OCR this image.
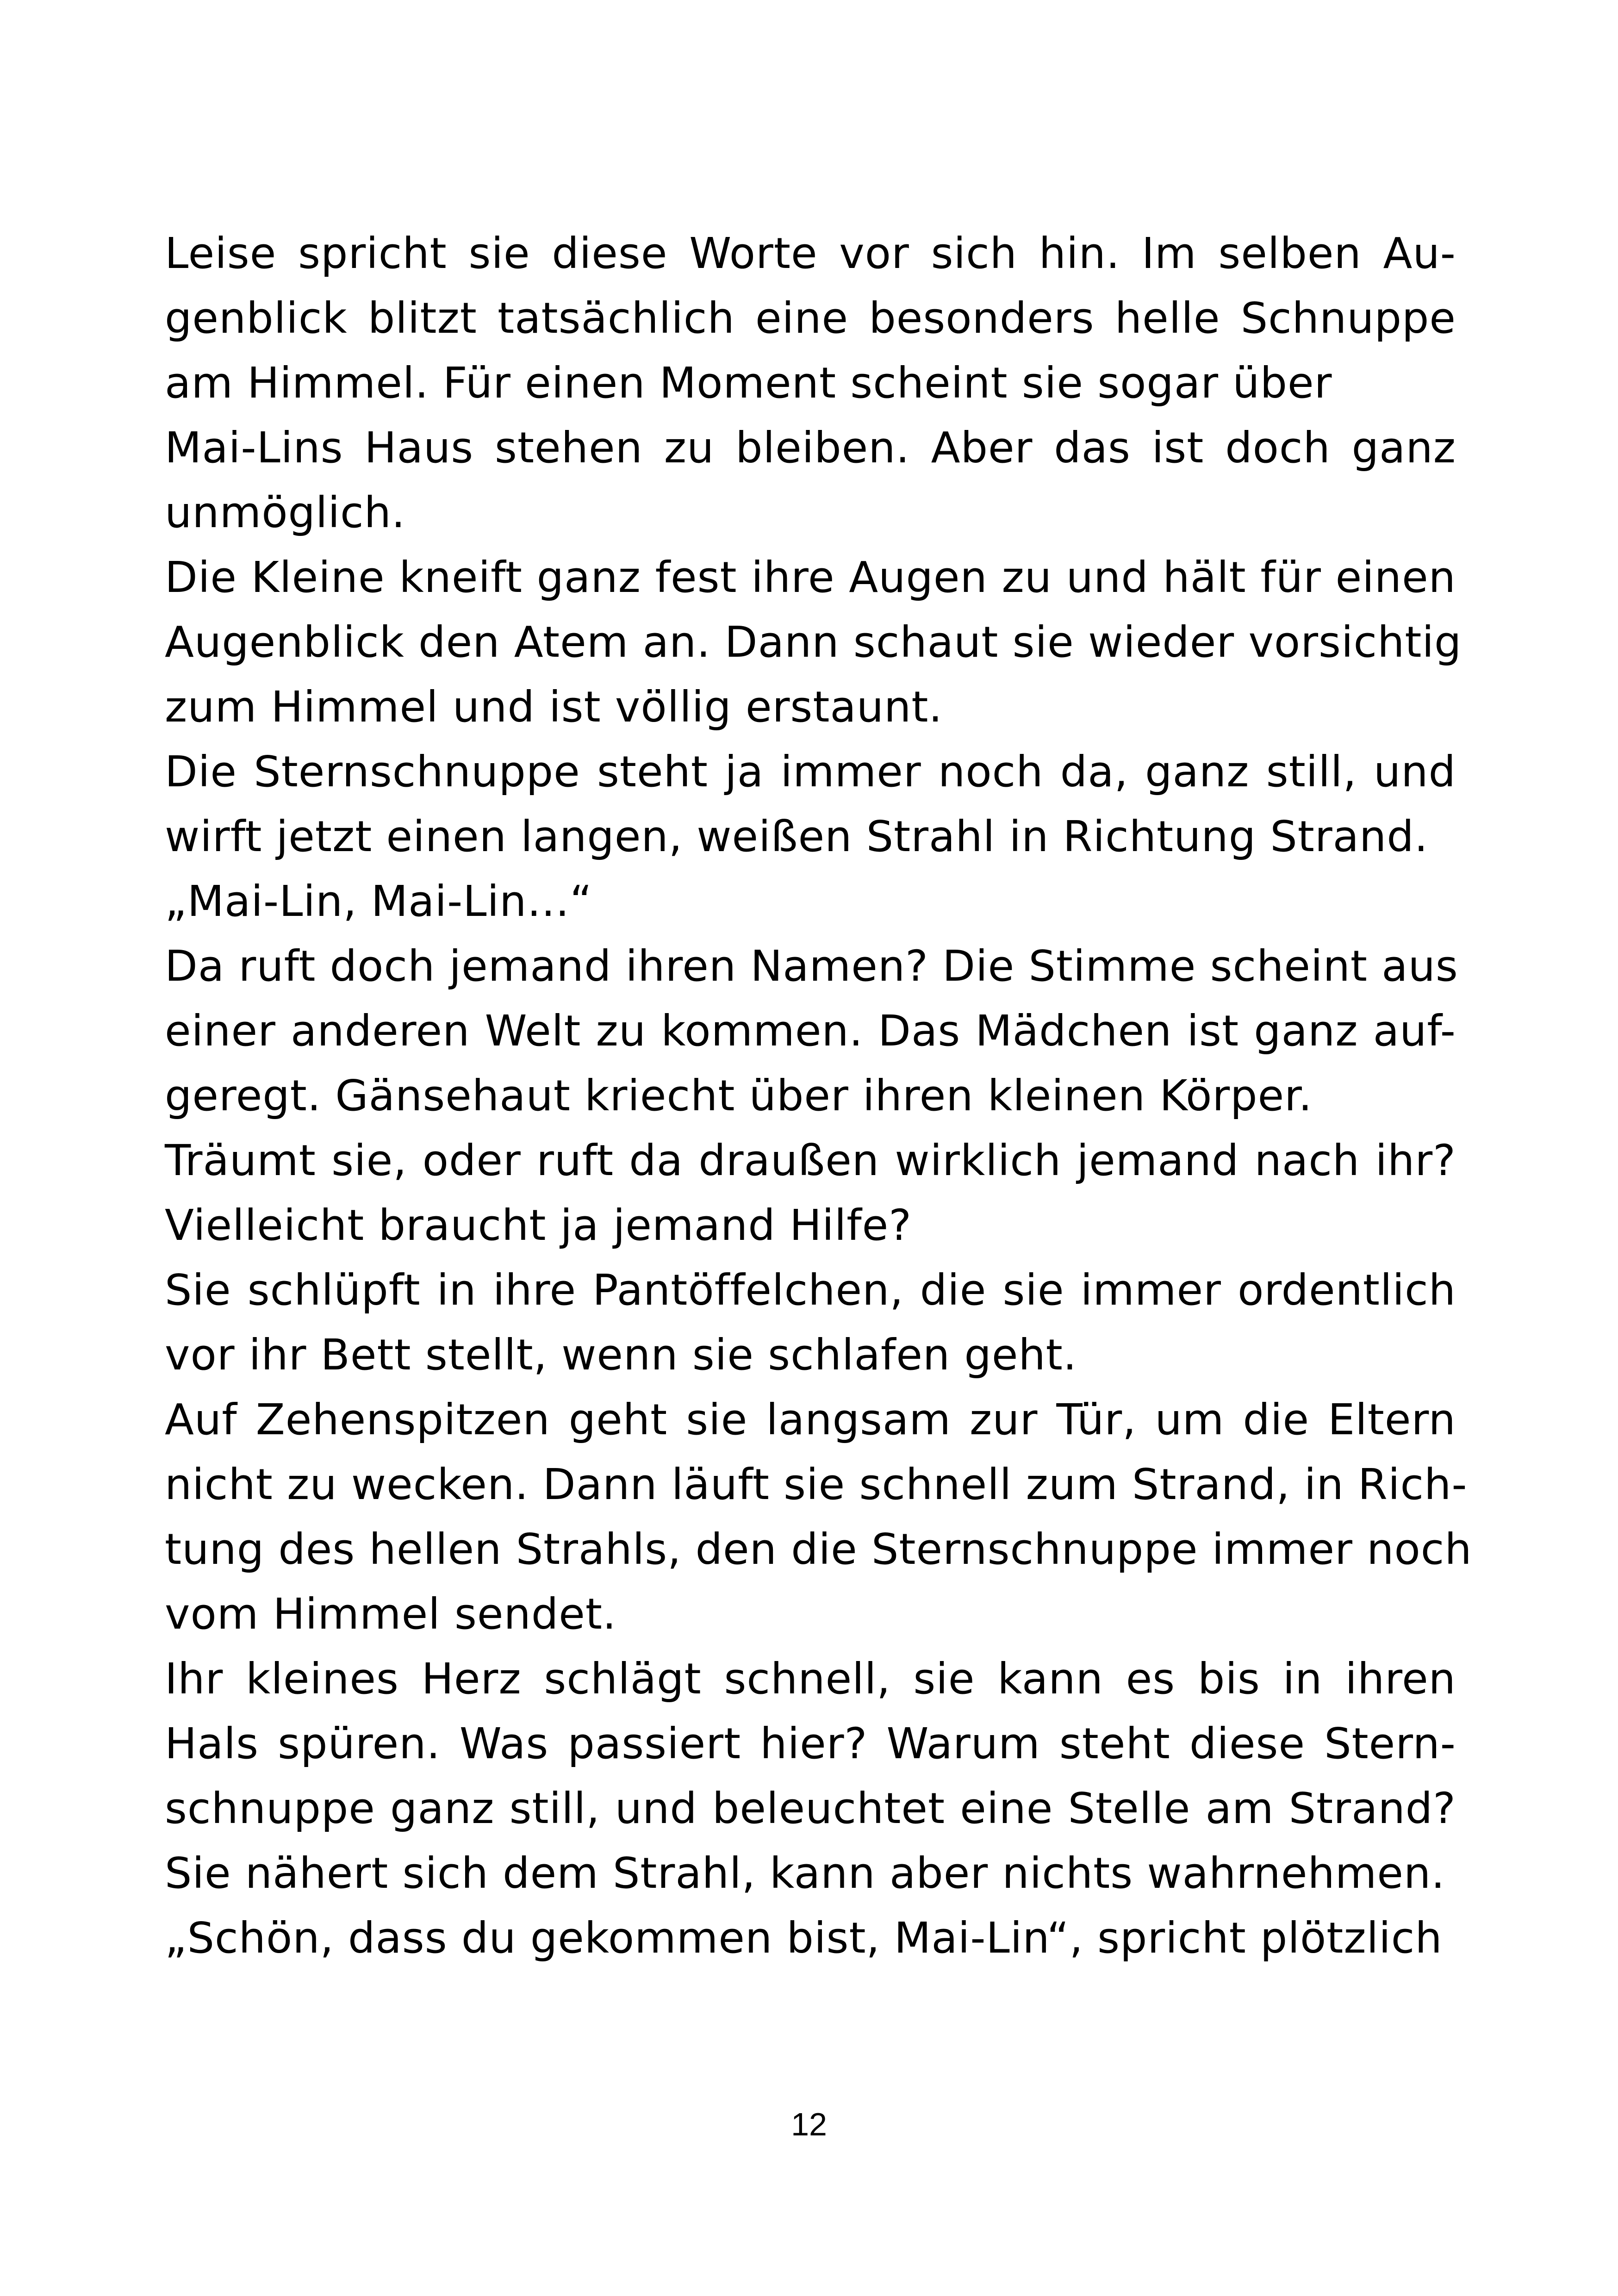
Leise spricht sie diese Worte vor sich hin. Im selben Au-
genblick blitzt tatsächlich eine besonders helle Schnuppe
am Himmel. Für einen Moment scheint sie sogar über
Mai-Lins Haus stehen zu bleiben. Aber das ist doch ganz
unmöglich.
Die Kleine kneift ganz fest ihre Augen zu und hält für einen
Augenblick den Atem an. Dann schaut sie wieder vorsichtig
zum Himmel und ist völlig erstaunt.
Die Sternschnuppe steht ja immer noch da, ganz still, und
wirft jetzt einen langen, weißen Strahl in Richtung Strand.
„Mai-Lin, Mai-Lin…“
Da ruft doch jemand ihren Namen? Die Stimme scheint aus
einer anderen Welt zu kommen. Das Mädchen ist ganz auf-
geregt. Gänsehaut kriecht über ihren kleinen Körper.
Träumt sie, oder ruft da draußen wirklich jemand nach ihr?
Vielleicht braucht ja jemand Hilfe?
Sie schlüpft in ihre Pantöffelchen, die sie immer ordentlich
vor ihr Bett stellt, wenn sie schlafen geht.
Auf Zehenspitzen geht sie langsam zur Tür, um die Eltern
nicht zu wecken. Dann läuft sie schnell zum Strand, in Rich-
tung des hellen Strahls, den die Sternschnuppe immer noch
vom Himmel sendet.
Ihr kleines Herz schlägt schnell, sie kann es bis in ihren
Hals spüren. Was passiert hier? Warum steht diese Stern-
schnuppe ganz still, und beleuchtet eine Stelle am Strand?
Sie nähert sich dem Strahl, kann aber nichts wahrnehmen.
„Schön, dass du gekommen bist, Mai-Lin“, spricht plötzlich
12
